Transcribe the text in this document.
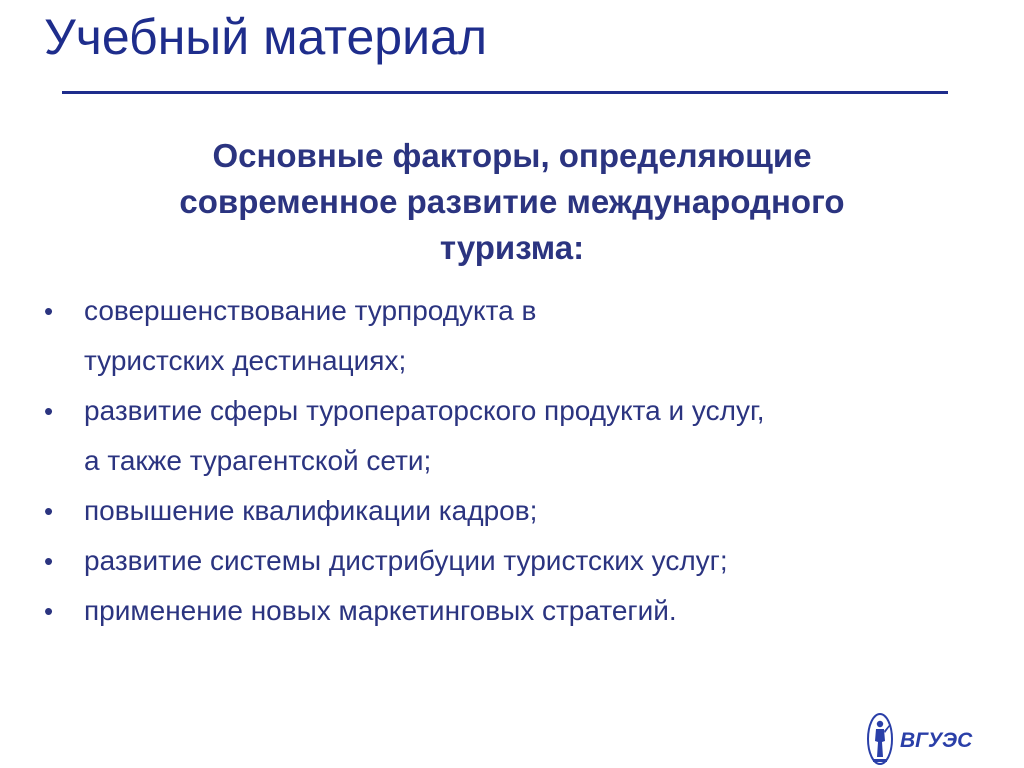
Учебный материал
Основные факторы, определяющие
современное развитие международного
туризма:
•	совершенствование турпродукта в
туристских дестинациях;
•	развитие сферы туроператорского продукта и услуг,
а также турагентской сети;
•	повышение квалификации кадров;
•	развитие системы дистрибуции туристских услуг;
•	применение новых маркетинговых стратегий.
ВГУЭС
